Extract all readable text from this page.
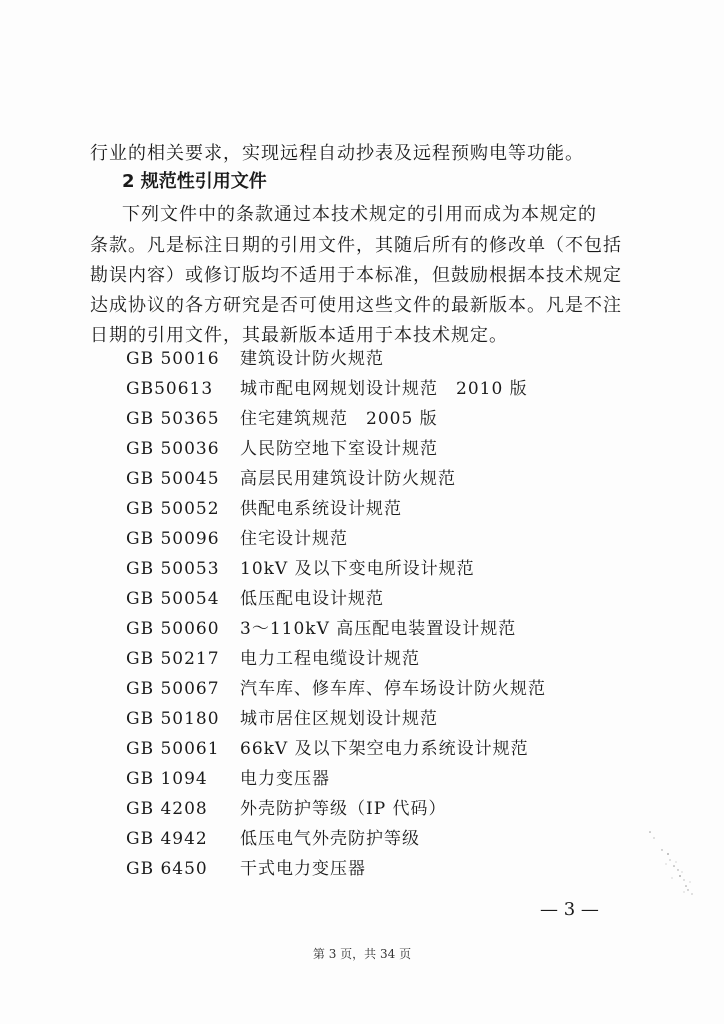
行业的相关要求，实现远程自动抄表及远程预购电等功能。
2 规范性引用文件
下列文件中的条款通过本技术规定的引用而成为本规定的
条款。凡是标注日期的引用文件，其随后所有的修改单（不包括
勘误内容）或修订版均不适用于本标准，但鼓励根据本技术规定
达成协议的各方研究是否可使用这些文件的最新版本。凡是不注
日期的引用文件，其最新版本适用于本技术规定。
GB 50016 建筑设计防火规范
GB50613 城市配电网规划设计规范　2010 版
GB 50365 住宅建筑规范　2005 版
GB 50036 人民防空地下室设计规范
GB 50045 高层民用建筑设计防火规范
GB 50052 供配电系统设计规范
GB 50096 住宅设计规范
GB 50053 10kV 及以下变电所设计规范
GB 50054 低压配电设计规范
GB 50060 3～110kV 高压配电装置设计规范
GB 50217 电力工程电缆设计规范
GB 50067 汽车库、修车库、停车场设计防火规范
GB 50180 城市居住区规划设计规范
GB 50061 66kV 及以下架空电力系统设计规范
GB 1094 电力变压器
GB 4208 外壳防护等级（IP 代码）
GB 4942 低压电气外壳防护等级
GB 6450 干式电力变压器
— 3 —
第 3 页，共 34 页
